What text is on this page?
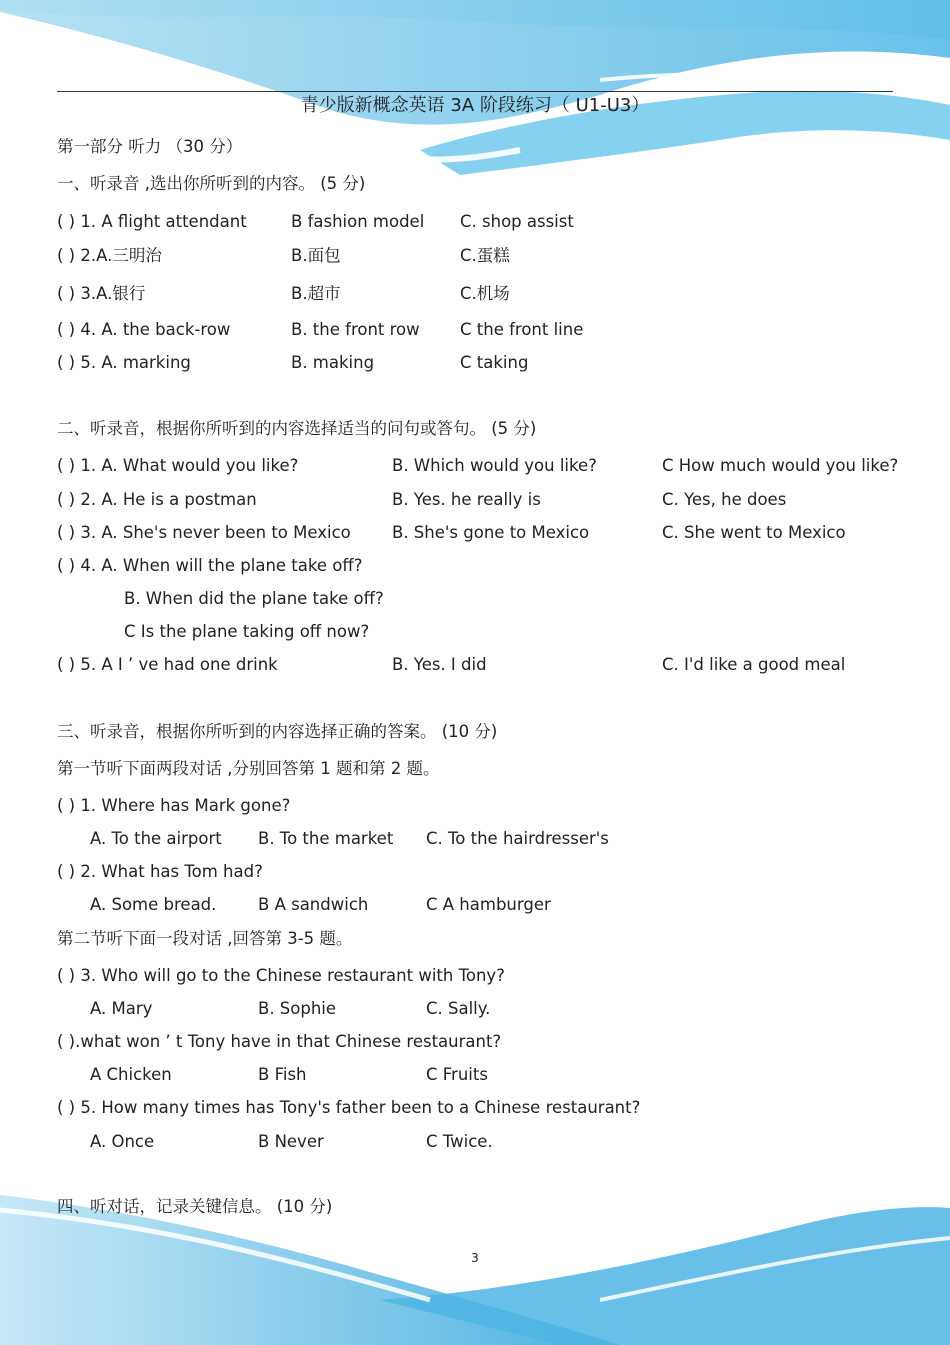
青少版新概念英语 3A 阶段练习（ U1-U3）
第一部分 听力 （30 分）
一、听录音 ,选出你所听到的内容。 (5 分)
( ) 1. A flight attendant	B fashion model C. shop assist
( ) 2.A.三明治	B.面包	C.蛋糕
( ) 3.A.银行	B.超市	C.机场
( ) 4. A. the back-row	B. the front row C the front line
( ) 5. A. marking	B. making	C taking
二、听录音，根据你所听到的内容选择适当的问句或答句。 (5 分)
( ) 1. A. What would you like?	B. Which would you like?	C How much would you like?
( ) 2. A. He is a postman	B. Yes. he really is	C. Yes, he does
( ) 3. A. She's never been to Mexico B. She's gone to Mexico	C. She went to Mexico
( ) 4. A. When will the plane take off?
B. When did the plane take off?
C Is the plane taking off now?
( ) 5. A I ’ ve had one drink	B. Yes. I did	C. I'd like a good meal
三、听录音，根据你所听到的内容选择正确的答案。 (10 分)
第一节听下面两段对话 ,分别回答第 1 题和第 2 题。
( ) 1. Where has Mark gone?
A. To the airport B. To the market C. To the hairdresser's
( ) 2. What has Tom had?
A. Some bread.	B A sandwich	C A hamburger
第二节听下面一段对话 ,回答第 3-5 题。
( ) 3. Who will go to the Chinese restaurant with Tony?
A. Mary	B. Sophie	C. Sally.
( ).what won ’ t Tony have in that Chinese restaurant?
A Chicken	B Fish	C Fruits
( ) 5. How many times has Tony's father been to a Chinese restaurant?
A. Once	B Never	C Twice.
四、听对话，记录关键信息。 (10 分)
3
